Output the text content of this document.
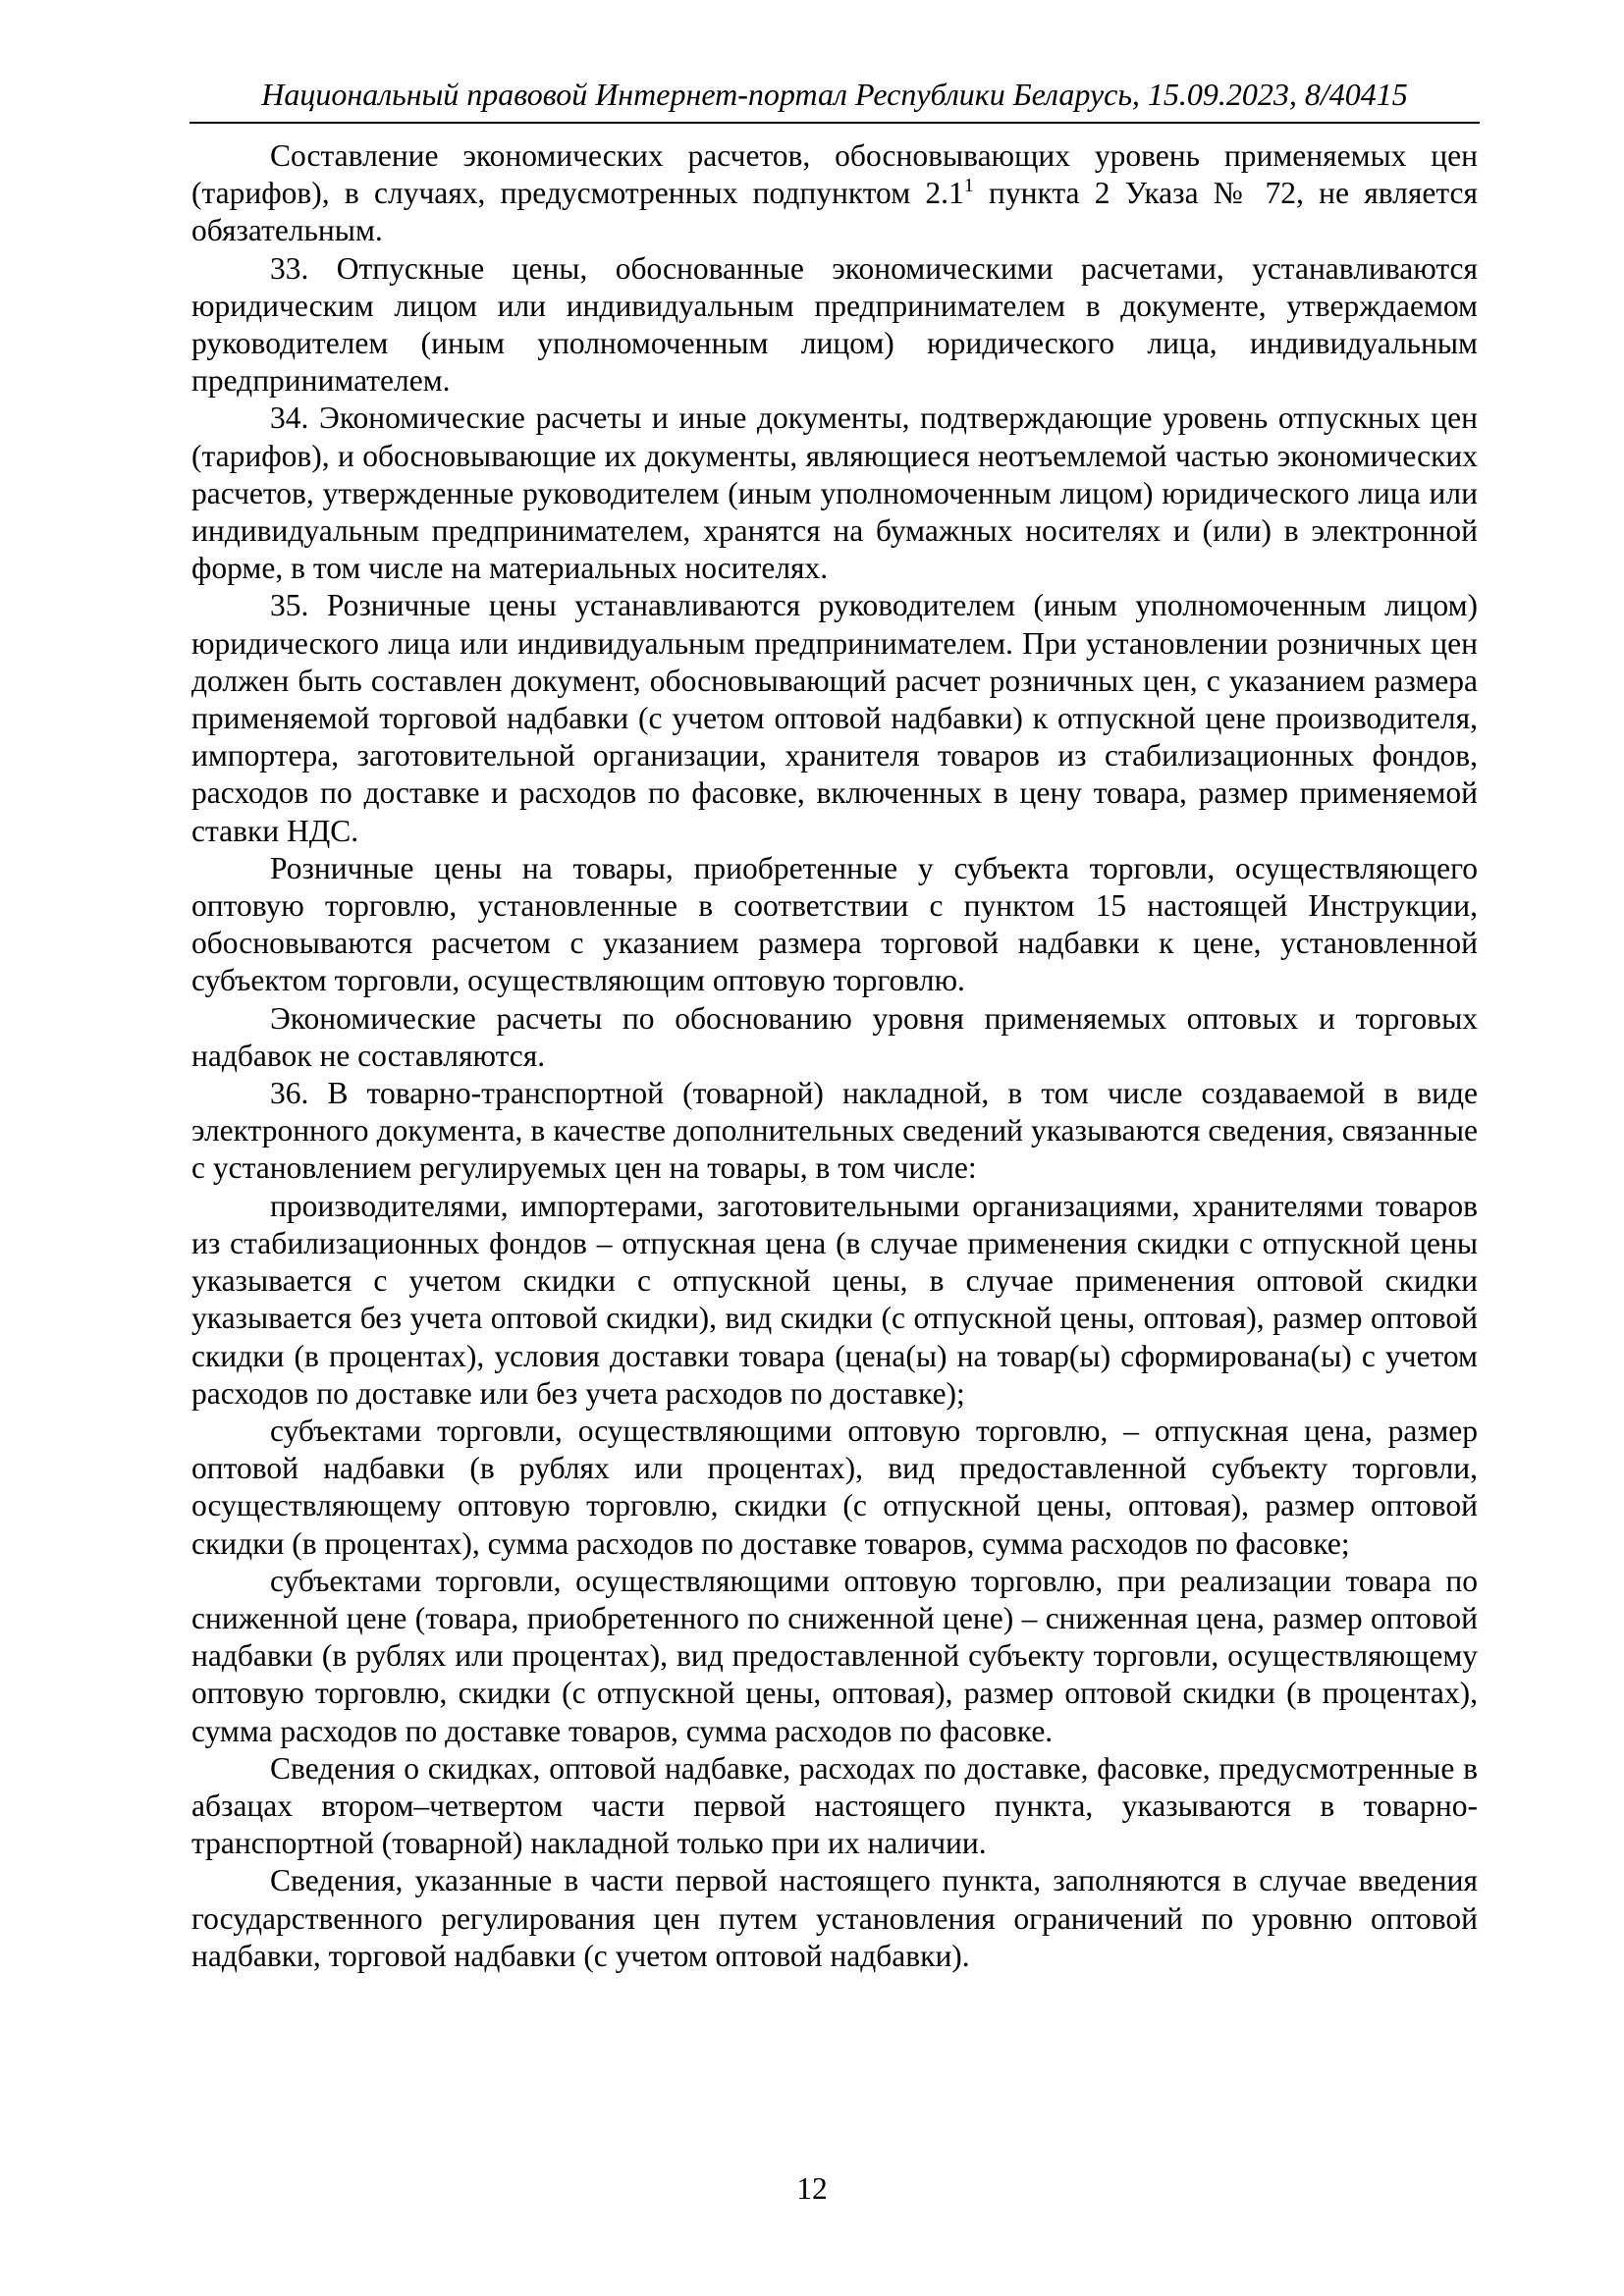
Национальный правовой Интернет-портал Республики Беларусь, 15.09.2023, 8/40415

Составление экономических расчетов, обосновывающих уровень применяемых цен (тарифов), в случаях, предусмотренных подпунктом $2.1^1$ пункта 2 Указа № 72, не является обязательным.

33. Отпускные цены, обоснованные экономическими расчетами, устанавливаются юридическим лицом или индивидуальным предпринимателем в документе, утверждаемом руководителем (иным уполномоченным лицом) юридического лица, индивидуальным предпринимателем.

34. Экономические расчеты и иные документы, подтверждающие уровень отпускных цен (тарифов), и обосновывающие их документы, являющиеся неотъемлемой частью экономических расчетов, утвержденные руководителем (иным уполномоченным лицом) юридического лица или индивидуальным предпринимателем, хранятся на бумажных носителях и (или) в электронной форме, в том числе на материальных носителях.

35. Розничные цены устанавливаются руководителем (иным уполномоченным лицом) юридического лица или индивидуальным предпринимателем. При установлении розничных цен должен быть составлен документ, обосновывающий расчет розничных цен, с указанием размера применяемой торговой надбавки (с учетом оптовой надбавки) к отпускной цене производителя, импортера, заготовительной организации, хранителя товаров из стабилизационных фондов, расходов по доставке и расходов по фасовке, включенных в цену товара, размер применяемой ставки НДС.

Розничные цены на товары, приобретенные у субъекта торговли, осуществляющего оптовую торговлю, установленные в соответствии с пунктом 15 настоящей Инструкции, обосновываются расчетом с указанием размера торговой надбавки к цене, установленной субъектом торговли, осуществляющим оптовую торговлю.

Экономические расчеты по обоснованию уровня применяемых оптовых и торговых надбавок не составляются.

36. В товарно-транспортной (товарной) накладной, в том числе создаваемой в виде электронного документа, в качестве дополнительных сведений указываются сведения, связанные с установлением регулируемых цен на товары, в том числе:

производителями, импортерами, заготовительными организациями, хранителями товаров из стабилизационных фондов – отпускная цена (в случае применения скидки с отпускной цены указывается с учетом скидки с отпускной цены, в случае применения оптовой скидки указывается без учета оптовой скидки), вид скидки (с отпускной цены, оптовая), размер оптовой скидки (в процентах), условия доставки товара (цена(ы) на товар(ы) сформирована(ы) с учетом расходов по доставке или без учета расходов по доставке);

субъектами торговли, осуществляющими оптовую торговлю, – отпускная цена, размер оптовой надбавки (в рублях или процентах), вид предоставленной субъекту торговли, осуществляющему оптовую торговлю, скидки (с отпускной цены, оптовая), размер оптовой скидки (в процентах), сумма расходов по доставке товаров, сумма расходов по фасовке;

субъектами торговли, осуществляющими оптовую торговлю, при реализации товара по сниженной цене (товара, приобретенного по сниженной цене) – сниженная цена, размер оптовой надбавки (в рублях или процентах), вид предоставленной субъекту торговли, осуществляющему оптовую торговлю, скидки (с отпускной цены, оптовая), размер оптовой скидки (в процентах), сумма расходов по доставке товаров, сумма расходов по фасовке.

Сведения о скидках, оптовой надбавке, расходах по доставке, фасовке, предусмотренные в абзацах втором–четвертом части первой настоящего пункта, указываются в товарно-транспортной (товарной) накладной только при их наличии.

Сведения, указанные в части первой настоящего пункта, заполняются в случае введения государственного регулирования цен путем установления ограничений по уровню оптовой надбавки, торговой надбавки (с учетом оптовой надбавки).

12
